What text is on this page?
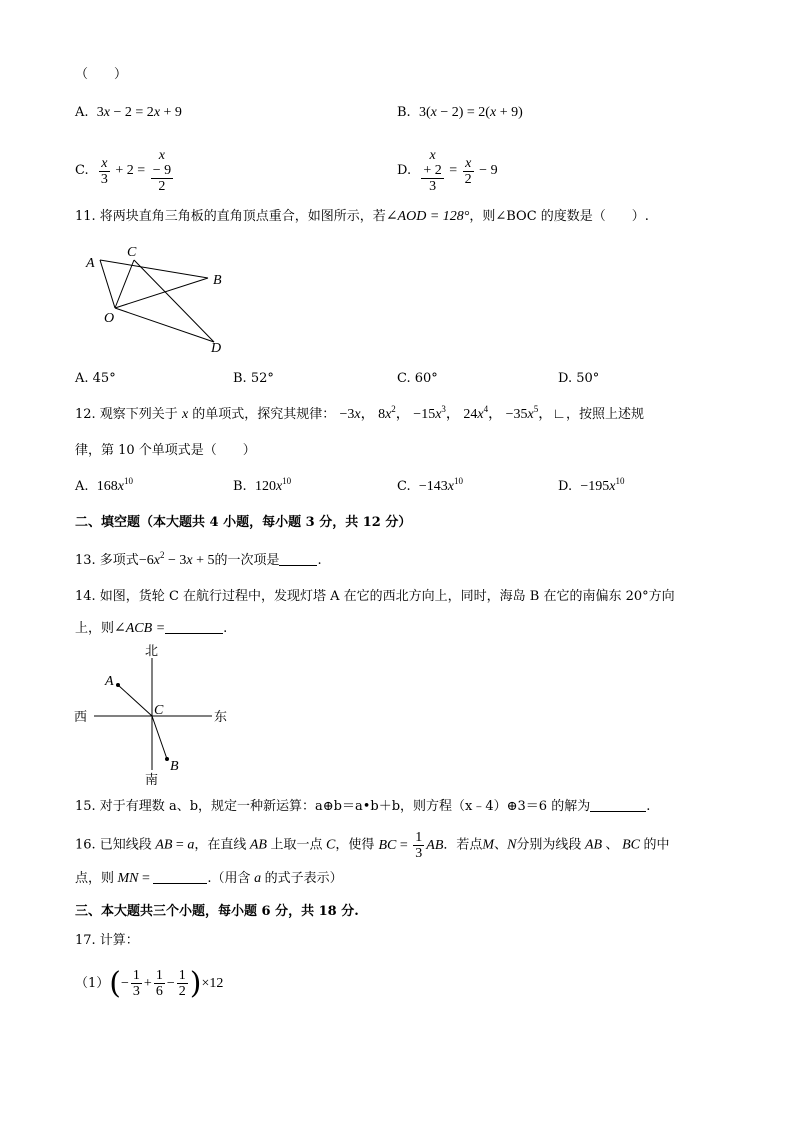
（　　）
A. 3x − 2 = 2x + 9	B. 3(x − 2) = 2(x + 9)
C. $\frac{x}{3} + 2 = x$
− 9
2	D. x
+ 2
$3 = \frac{x}{2} - 9$
11. 将两块直角三角板的直角顶点重合，如图所示，若∠AOD = 128°，则∠BOC 的度数是（　　）.
A
C
B
O
D
A. 45°	B. 52°	C. 60°	D. 50°
12. 观察下列关于 x 的单项式，探究其规律： −3x， $8x^2$， $-15x^3$， $24x^4$， $-35x^5$，∟，按照上述规
律，第 10 个单项式是（　　）
A. $168x^{10}$	B. $120x^{10}$	C. $-143x^{10}$	D. $-195x^{10}$
二、填空题（本大题共 4 小题，每小题 3 分，共 12 分）
13. 多项式$-6x^2 - 3x + 5$的一次项是	.
14. 如图，货轮 C 在航行过程中，发现灯塔 A 在它的西北方向上，同时，海岛 B 在它的南偏东 20°方向
上，则∠ACB =	.
北
南
西	东
A
B
C
15. 对于有理数 a、b，规定一种新运算：a⊕b＝a•b＋b，则方程（x﹣4）⊕3＝6 的解为	.
16. 已知线段 AB = a，在直线 AB 上取一点 C，使得 BC = $\frac{1}{3}$ AB．若点M、N分别为线段 AB 、 BC 的中
点，则 MN =	.（用含 a 的式子表示）
三、本大题共三个小题，每小题 6 分，共 18 分.
17. 计算：
$(1)(- \frac{1}{3} + \frac{1}{6} - \frac{1}{2} )\times 12$
